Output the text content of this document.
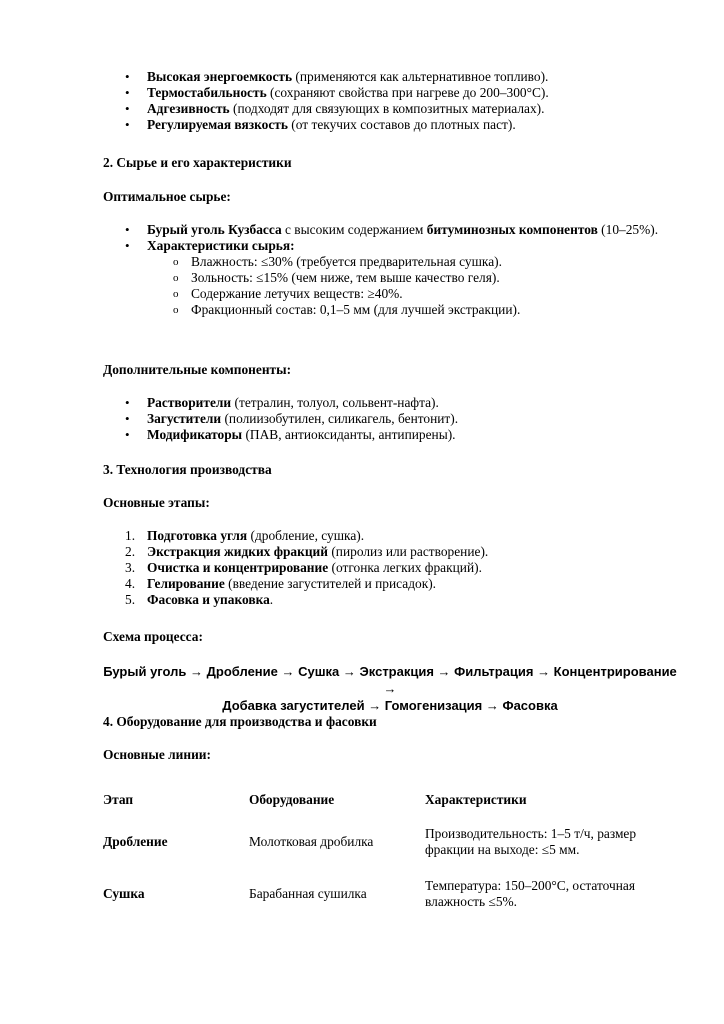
• Высокая энергоемкость (применяются как альтернативное топливо).
• Термостабильность (сохраняют свойства при нагреве до 200–300°C).
• Адгезивность (подходят для связующих в композитных материалах).
• Регулируемая вязкость (от текучих составов до плотных паст).
2. Сырье и его характеристики
Оптимальное сырье:
• Бурый уголь Кузбасса с высоким содержанием битуминозных компонентов (10–25%).
• Характеристики сырья:
o Влажность: ≤30% (требуется предварительная сушка).
o Зольность: ≤15% (чем ниже, тем выше качество геля).
o Содержание летучих веществ: ≥40%.
o Фракционный состав: 0,1–5 мм (для лучшей экстракции).
Дополнительные компоненты:
• Растворители (тетралин, толуол, сольвент-нафта).
• Загустители (полиизобутилен, силикагель, бентонит).
• Модификаторы (ПАВ, антиоксиданты, антипирены).
3. Технология производства
Основные этапы:
1. Подготовка угля (дробление, сушка).
2. Экстракция жидких фракций (пиролиз или растворение).
3. Очистка и концентрирование (отгонка легких фракций).
4. Гелирование (введение загустителей и присадок).
5. Фасовка и упаковка.
Схема процесса:
Бурый уголь → Дробление → Сушка → Экстракция → Фильтрация → Концентрирование →
Добавка загустителей → Гомогенизация → Фасовка
4. Оборудование для производства и фасовки
Основные линии:
Этап	Оборудование	Характеристики
Дробление	Молотковая дробилка	Производительность: 1–5 т/ч, размер фракции на выходе: ≤5 мм.
Сушка	Барабанная сушилка	Температура: 150–200°C, остаточная влажность ≤5%.
